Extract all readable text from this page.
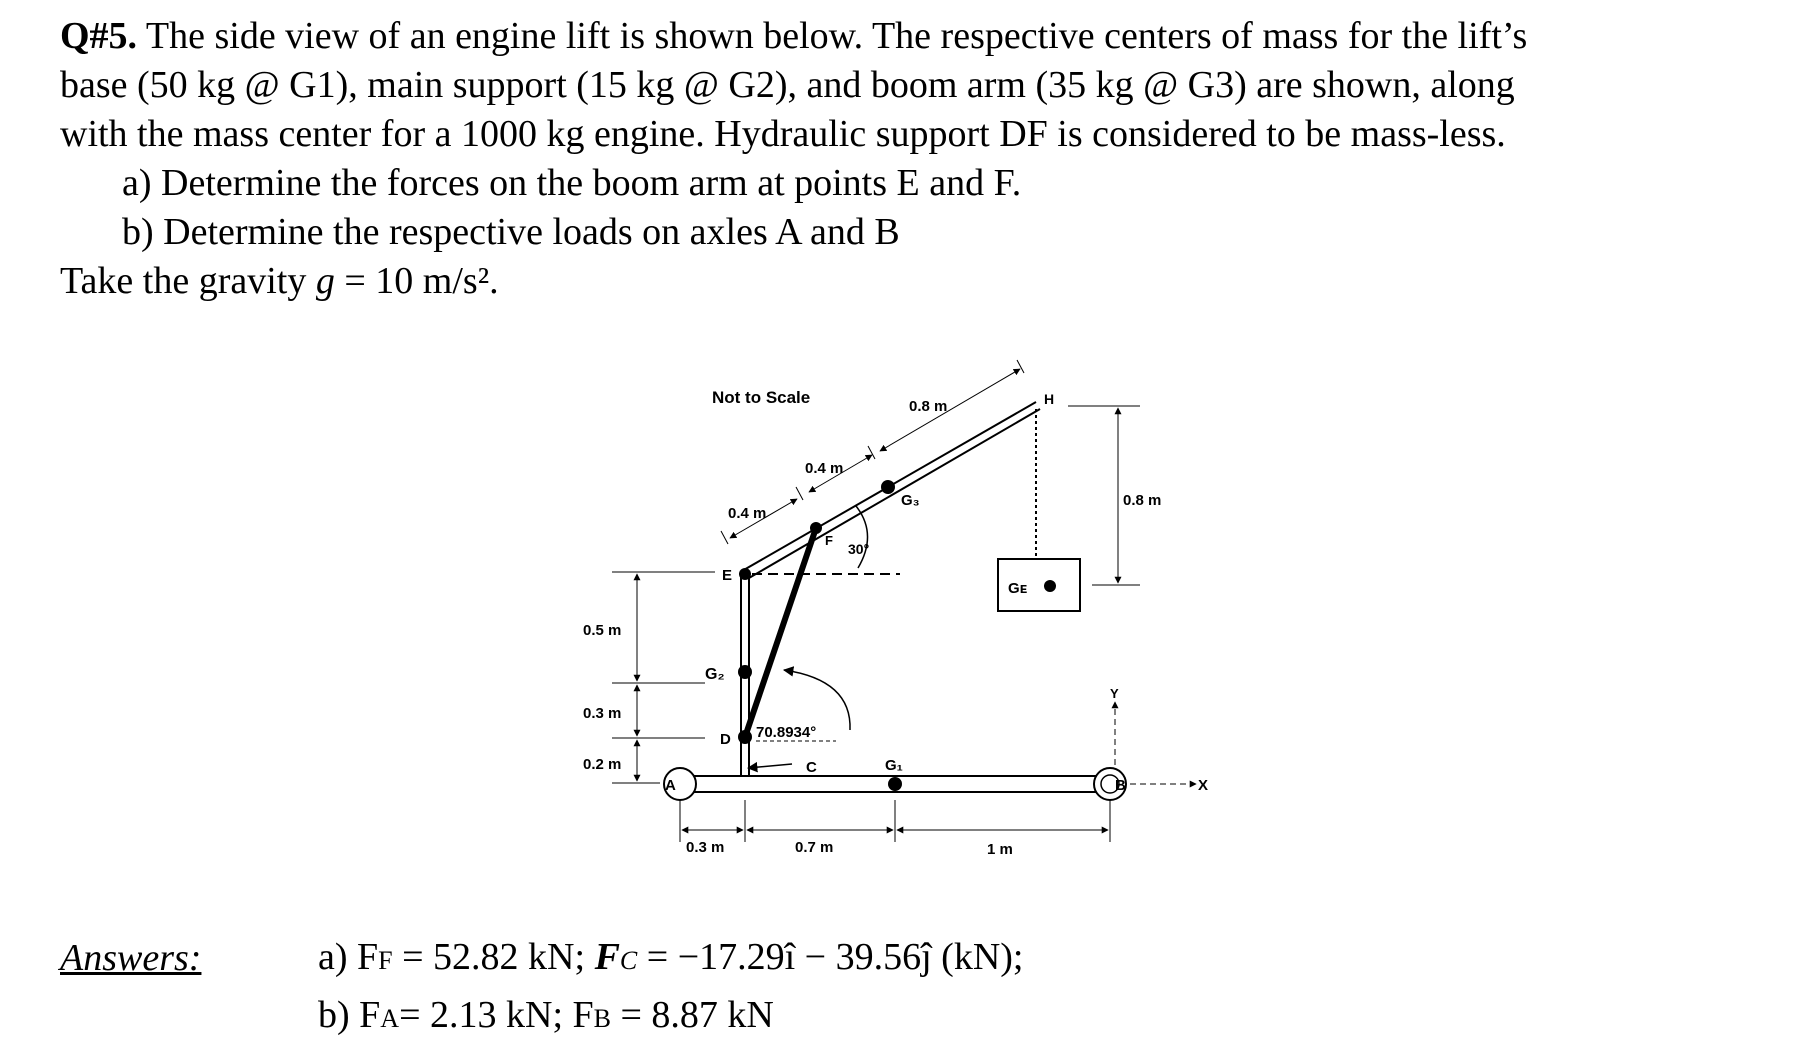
Q#5. The side view of an engine lift is shown below. The respective centers of mass for the lift’s

base (50 kg @ G1), main support (15 kg @ G2), and boom arm (35 kg @ G3) are shown, along

with the mass center for a 1000 kg engine. Hydraulic support DF is considered to be mass-less.

a) Determine the forces on the boom arm at points E and F.

b) Determine the respective loads on axles A and B

Take the gravity g = 10 m/s².

Not to Scale
A	B
E
G₂
D
H
G₃
F
30°
70.8934°
C	G₁
Gᴇ
0.4 m
0.4 m
0.8 m
0.8 m
0.5 m
0.3 m
0.2 m
0.3 m	0.7 m	1 m
Y
X
Answers:	a) FF = 52.82 kN; FC = −17.29î − 39.56ĵ (kN);

b) FA= 2.13 kN; FB = 8.87 kN
